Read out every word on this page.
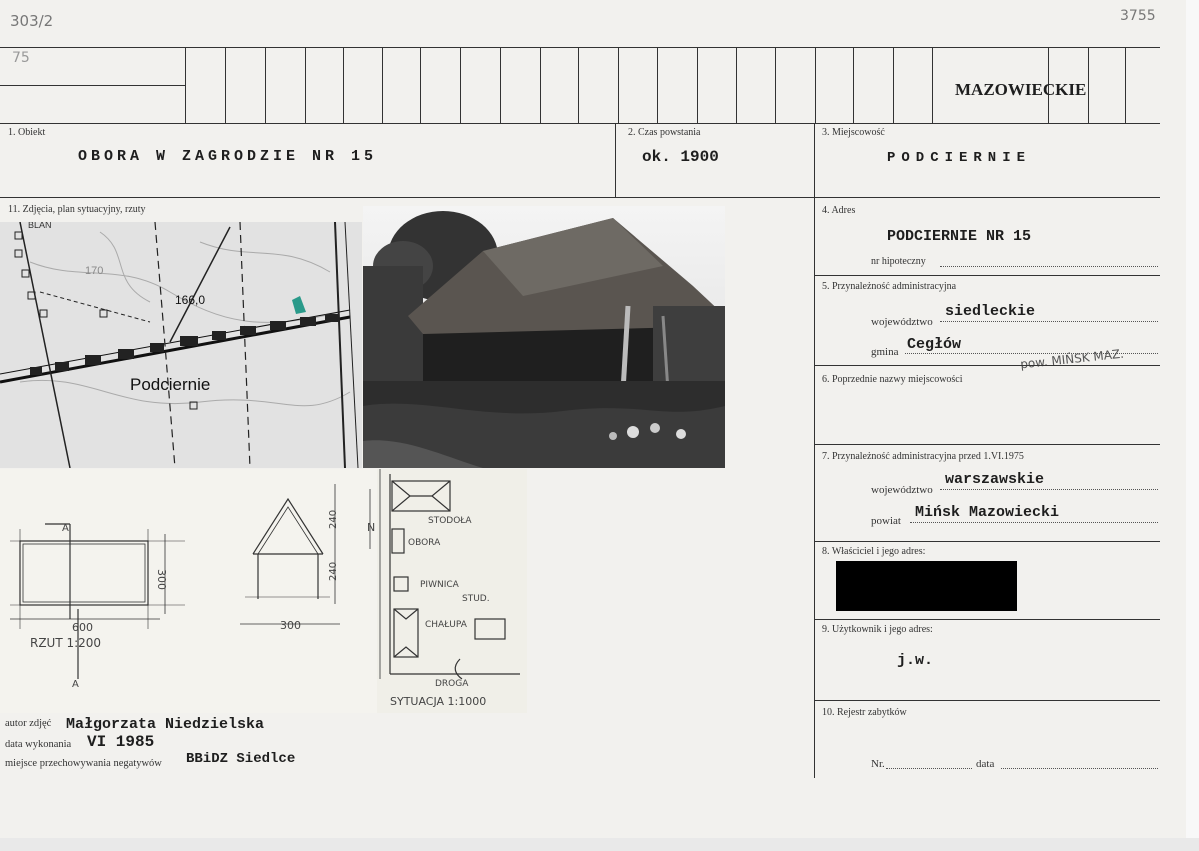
303/2
75
3755
MAZOWIECKIE
1. Obiekt
OBORA W ZAGRODZIE NR 15
2. Czas powstania
ok. 1900
3. Miejscowość
PODCIERNIE
11. Zdjęcia, plan sytuacyjny, rzuty
170
166,0
Podciernie
BLAN
RZUT 1:200
600
300
300
240
240
A
A
N	STODOŁA
OBORA
PIWNICA
STUD.
CHAŁUPA
DROGA
SYTUACJA 1:1000
autor zdjęć Małgorzata Niedzielska
data wykonania VI 1985
miejsce przechowywania negatywów BBiDZ Siedlce
4. Adres
PODCIERNIE NR 15
nr hipoteczny
5. Przynależność administracyjna
województwo
siedleckie
gmina Cegłów
pow. MIŃSK MAZ.
6. Poprzednie nazwy miejscowości
7. Przynależność administracyjna przed 1.VI.1975
województwo
warszawskie
powiat Mińsk Mazowiecki
8. Właściciel i jego adres:
9. Użytkownik i jego adres:
j.w.
10. Rejestr zabytków
Nr.	data
